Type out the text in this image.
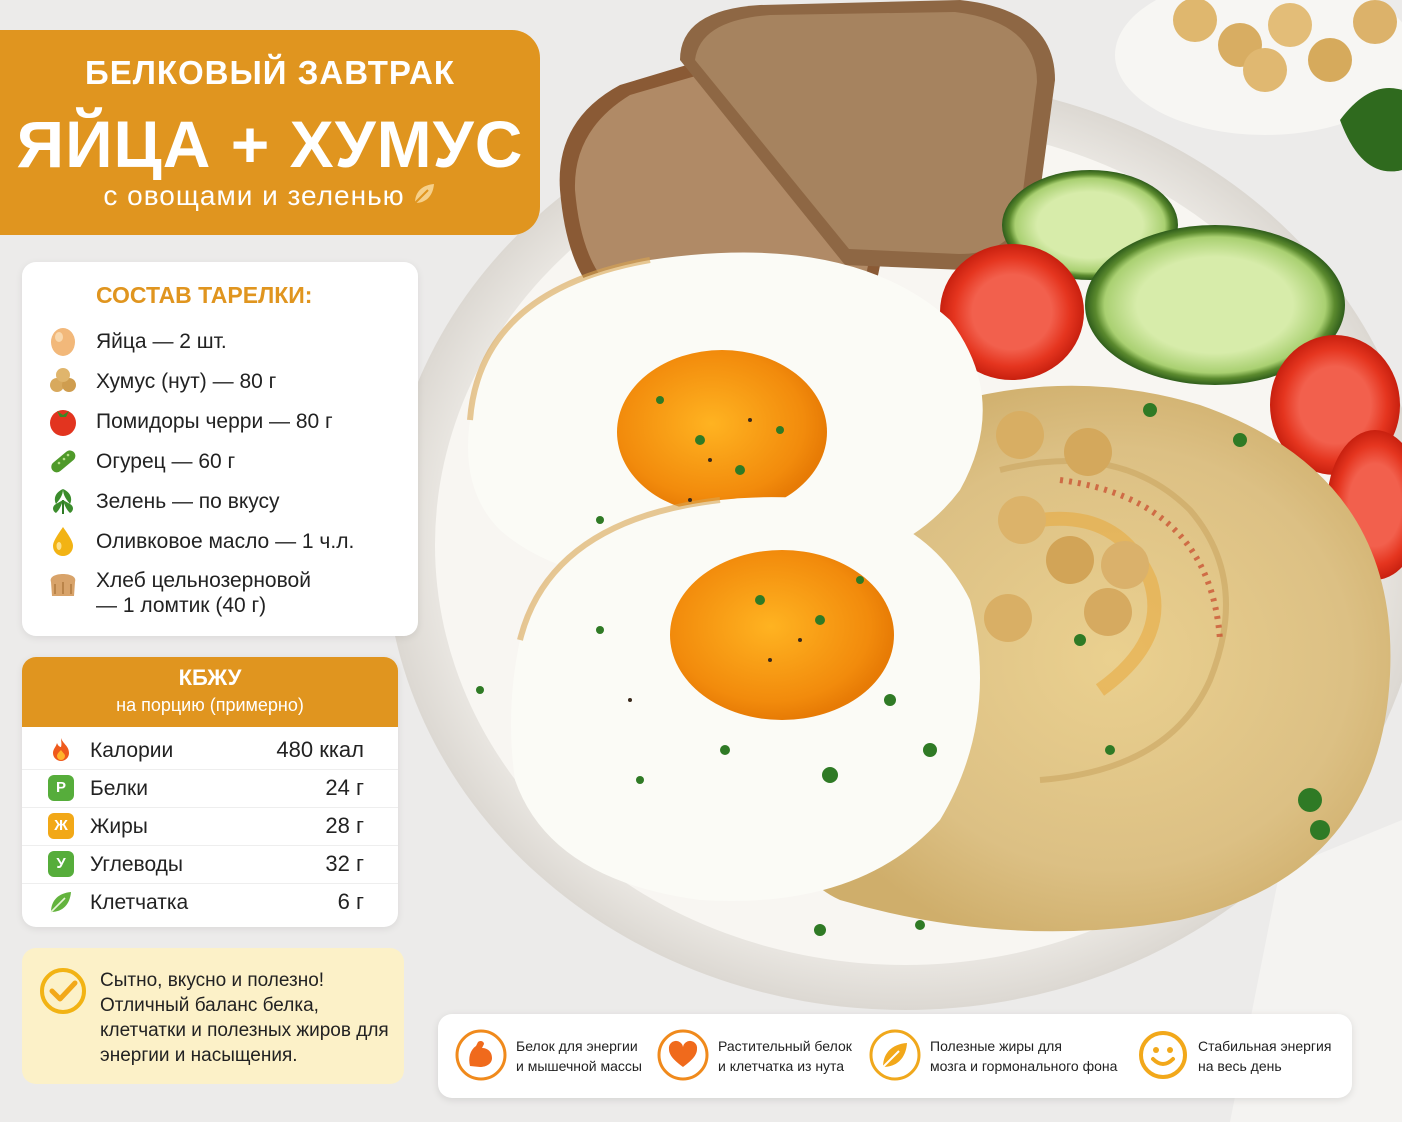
БЕЛКОВЫЙ ЗАВТРАК
ЯЙЦА + ХУМУС
с овощами и зеленью
СОСТАВ ТАРЕЛКИ:
Яйца — 2 шт.
Хумус (нут) — 80 г
Помидоры черри — 80 г
Огурец — 60 г
Зелень — по вкусу
Оливковое масло — 1 ч.л.
Хлеб цельнозерновой
— 1 ломтик (40 г)
КБЖУ
на порцию (примерно)
Калории	480 ккал
Р	Белки	24 г
Ж Жиры	28 г
У	Углеводы	32 г
Клетчатка	6 г
Сытно, вкусно и полезно! Отличный баланс белка, клетчатки и полезных жиров для энергии и насыщения.	Белок для энергии
и мышечной массы
Растительный белок
и клетчатка из нута
Полезные жиры для
мозга и гормонального фона
Стабильная энергия
на весь день
